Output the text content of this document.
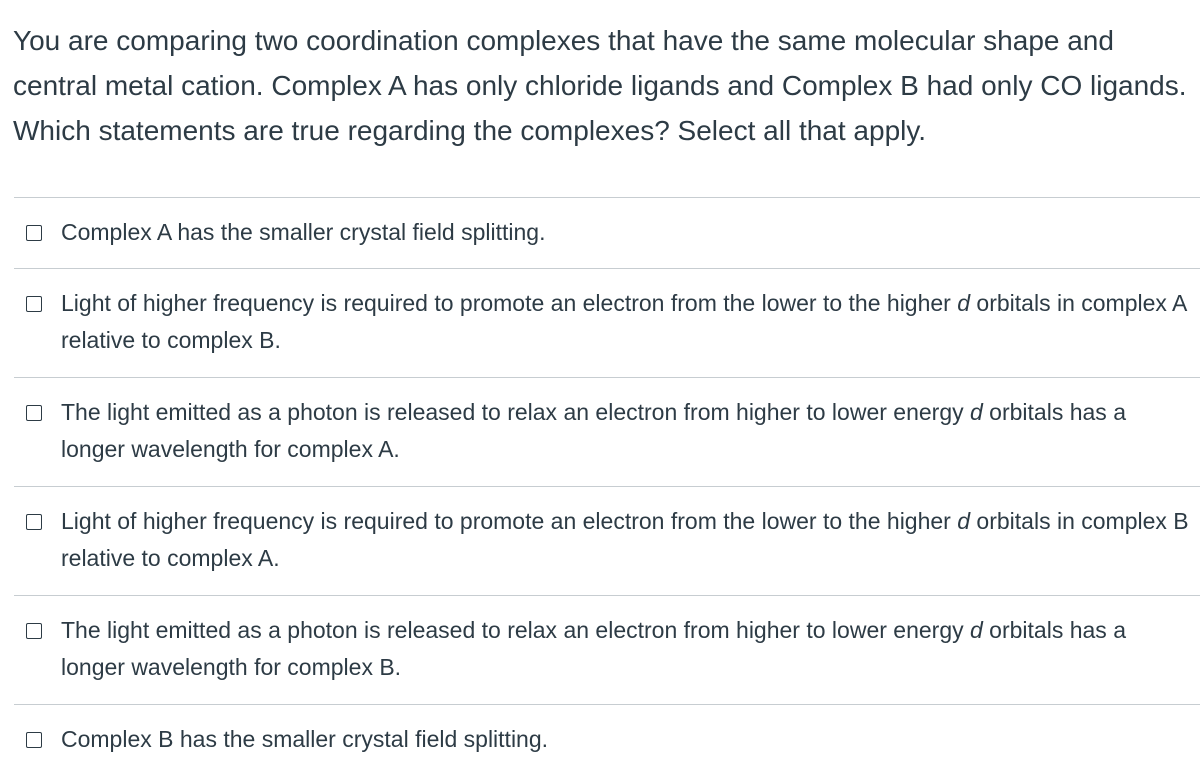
You are comparing two coordination complexes that have the same molecular shape and central metal cation. Complex A has only chloride ligands and Complex B had only CO ligands. Which statements are true regarding the complexes? Select all that apply.

Complex A has the smaller crystal field splitting.
Light of higher frequency is required to promote an electron from the lower to the higher d orbitals in complex A relative to complex B.
The light emitted as a photon is released to relax an electron from higher to lower energy d orbitals has a longer wavelength for complex A.
Light of higher frequency is required to promote an electron from the lower to the higher d orbitals in complex B relative to complex A.
The light emitted as a photon is released to relax an electron from higher to lower energy d orbitals has a longer wavelength for complex B.
Complex B has the smaller crystal field splitting.
